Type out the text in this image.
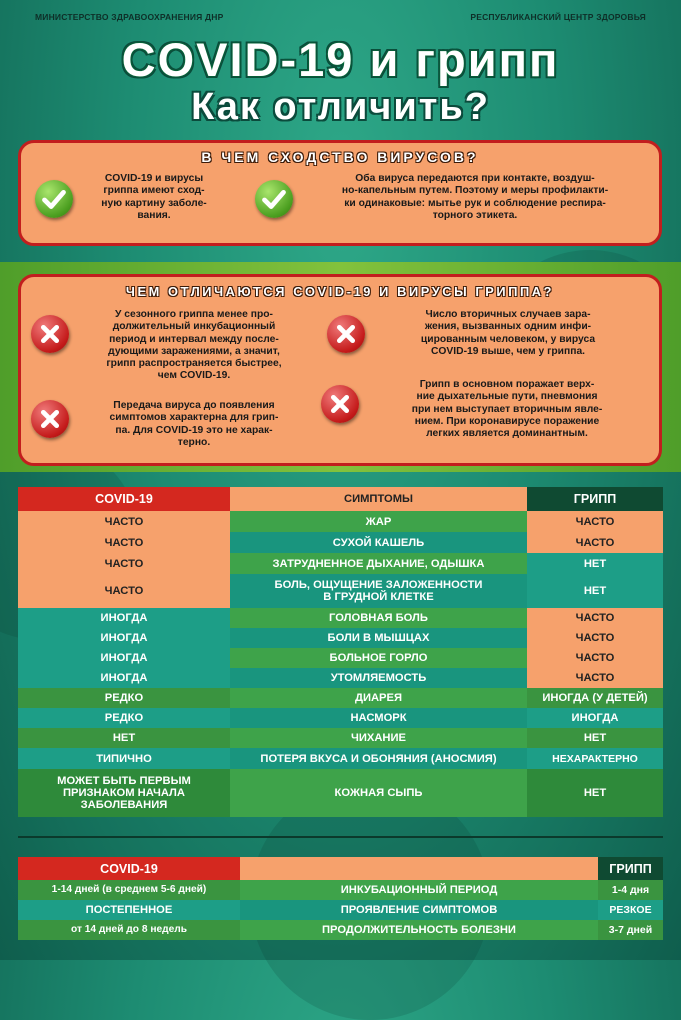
МИНИСТЕРСТВО ЗДРАВООХРАНЕНИЯ ДНР	РЕСПУБЛИКАНСКИЙ ЦЕНТР ЗДОРОВЬЯ
COVID-19 и грипп
Как отличить?
В ЧЕМ СХОДСТВО ВИРУСОВ?
COVID-19 и вирусы
гриппа имеют сход-
ную картину заболе-
вания.
Оба вируса передаются при контакте, воздуш-
но-капельным путем. Поэтому и меры профилакти-
ки одинаковые: мытье рук и соблюдение респира-
торного этикета.
ЧЕМ ОТЛИЧАЮТСЯ COVID-19 И ВИРУСЫ ГРИППА?
У сезонного гриппа менее про-
должительный инкубационный
период и интервал между после-
дующими заражениями, а значит,
грипп распространяется быстрее,
чем COVID-19.
Передача вируса до появления
симптомов характерна для грип-
па. Для COVID-19 это не харак-
терно.
Число вторичных случаев зара-
жения, вызванных одним инфи-
цированным человеком, у вируса
COVID-19 выше, чем у гриппа.
Грипп в основном поражает верх-
ние дыхательные пути, пневмония
при нем выступает вторичным явле-
нием. При коронавирусе поражение
легких является доминантным.
COVID-19	СИМПТОМЫ	ГРИПП
ЧАСТО	ЖАР	ЧАСТО
ЧАСТО	СУХОЙ КАШЕЛЬ	ЧАСТО
ЧАСТО	ЗАТРУДНЕННОЕ ДЫХАНИЕ, ОДЫШКА	НЕТ
ЧАСТО	БОЛЬ, ОЩУЩЕНИЕ ЗАЛОЖЕННОСТИ
В ГРУДНОЙ КЛЕТКЕ	НЕТ
ИНОГДА	ГОЛОВНАЯ БОЛЬ	ЧАСТО
ИНОГДА	БОЛИ В МЫШЦАХ	ЧАСТО
ИНОГДА	БОЛЬНОЕ ГОРЛО	ЧАСТО
ИНОГДА	УТОМЛЯЕМОСТЬ	ЧАСТО
РЕДКО	ДИАРЕЯ	ИНОГДА (У ДЕТЕЙ)
РЕДКО	НАСМОРК	ИНОГДА
НЕТ	ЧИХАНИЕ	НЕТ
ТИПИЧНО	ПОТЕРЯ ВКУСА И ОБОНЯНИЯ (АНОСМИЯ)	НЕХАРАКТЕРНО
МОЖЕТ БЫТЬ ПЕРВЫМ
ПРИЗНАКОМ НАЧАЛА
ЗАБОЛЕВАНИЯ	КОЖНАЯ СЫПЬ	НЕТ
COVID-19		ГРИПП
1-14 дней (в среднем 5-6 дней)	ИНКУБАЦИОННЫЙ ПЕРИОД	1-4 дня
ПОСТЕПЕННОЕ	ПРОЯВЛЕНИЕ СИМПТОМОВ	РЕЗКОЕ
от 14 дней до 8 недель	ПРОДОЛЖИТЕЛЬНОСТЬ БОЛЕЗНИ	3-7 дней
